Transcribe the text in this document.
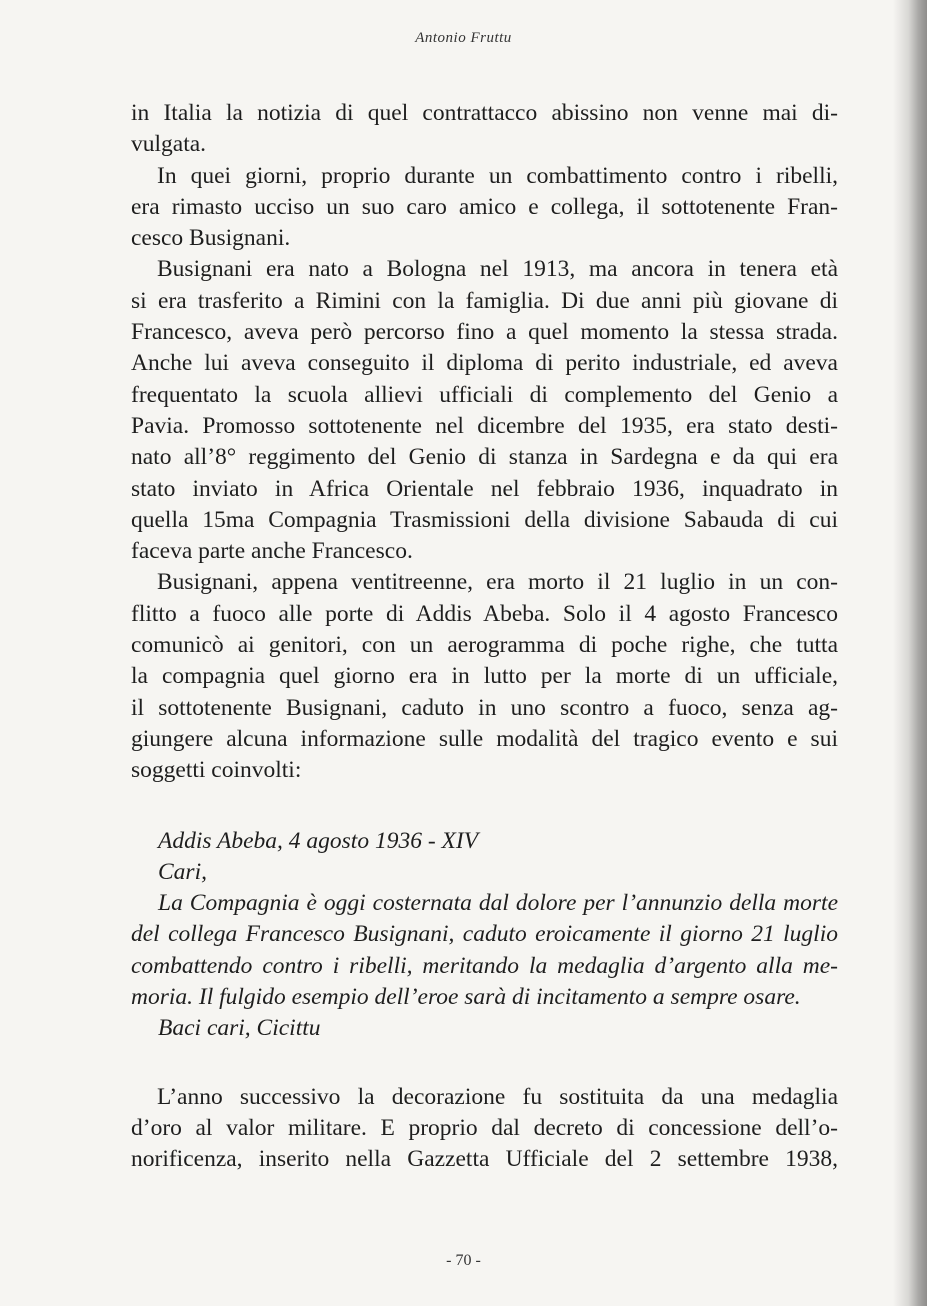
Antonio Fruttu
in Italia la notizia di quel contrattacco abissino non venne mai di-
vulgata.
In quei giorni, proprio durante un combattimento contro i ribelli,
era rimasto ucciso un suo caro amico e collega, il sottotenente Fran-
cesco Busignani.
Busignani era nato a Bologna nel 1913, ma ancora in tenera età
si era trasferito a Rimini con la famiglia. Di due anni più giovane di
Francesco, aveva però percorso fino a quel momento la stessa strada.
Anche lui aveva conseguito il diploma di perito industriale, ed aveva
frequentato la scuola allievi ufficiali di complemento del Genio a
Pavia. Promosso sottotenente nel dicembre del 1935, era stato desti-
nato all’8° reggimento del Genio di stanza in Sardegna e da qui era
stato inviato in Africa Orientale nel febbraio 1936, inquadrato in
quella 15ma Compagnia Trasmissioni della divisione Sabauda di cui
faceva parte anche Francesco.
Busignani, appena ventitreenne, era morto il 21 luglio in un con-
flitto a fuoco alle porte di Addis Abeba. Solo il 4 agosto Francesco
comunicò ai genitori, con un aerogramma di poche righe, che tutta
la compagnia quel giorno era in lutto per la morte di un ufficiale,
il sottotenente Busignani, caduto in uno scontro a fuoco, senza ag-
giungere alcuna informazione sulle modalità del tragico evento e sui
soggetti coinvolti:
Addis Abeba, 4 agosto 1936 - XIV
Cari,
La Compagnia è oggi costernata dal dolore per l’annunzio della morte
del collega Francesco Busignani, caduto eroicamente il giorno 21 luglio
combattendo contro i ribelli, meritando la medaglia d’argento alla me-
moria. Il fulgido esempio dell’eroe sarà di incitamento a sempre osare.
Baci cari, Cicittu
L’anno successivo la decorazione fu sostituita da una medaglia
d’oro al valor militare. E proprio dal decreto di concessione dell’o-
norificenza, inserito nella Gazzetta Ufficiale del 2 settembre 1938,
- 70 -
